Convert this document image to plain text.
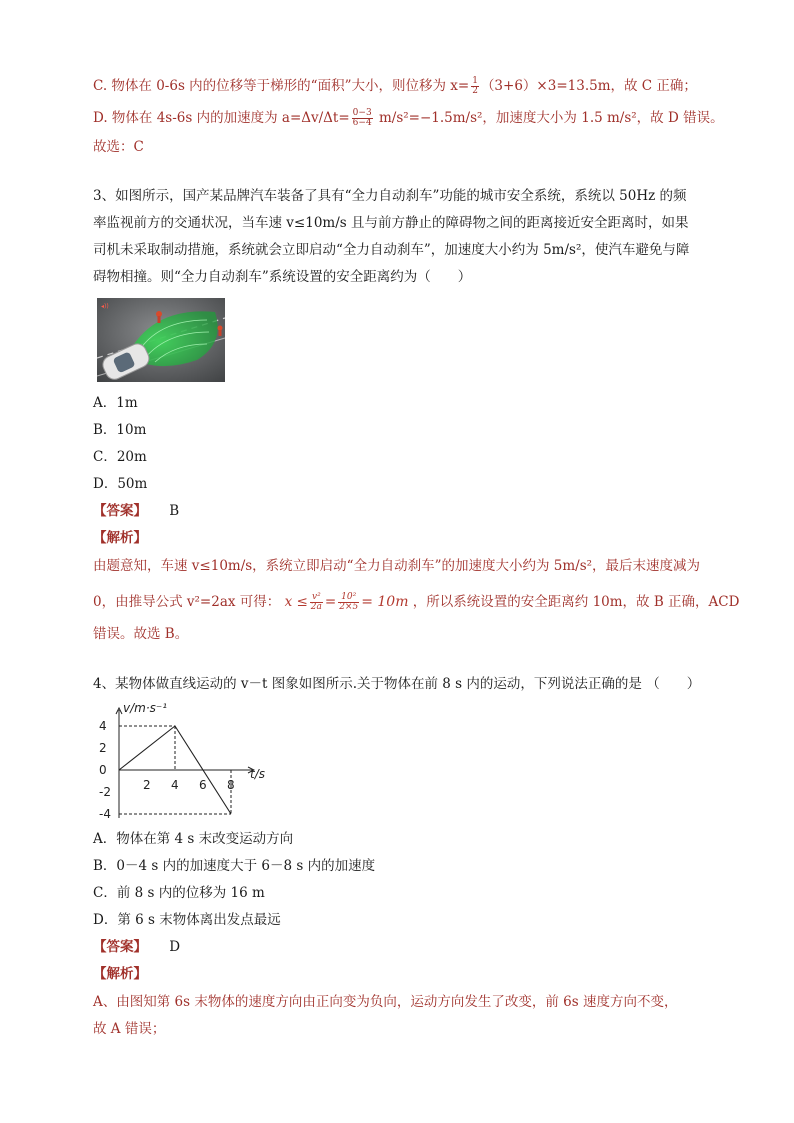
C. 物体在 0-6s 内的位移等于梯形的“面积”大小，则位移为 $x= \frac{1}{2} (3+6)\times 3=13.5m$，故 C 正确；
D. 物体在 4s-6s 内的加速度为 $a=\Delta v/\Delta t= \frac{0-3}{6-4} m/s^2=-1.5m/s^2$，加速度大小为 1.5 m/s²，故 D 错误。
故选：C
3、如图所示，国产某品牌汽车装备了具有“全力自动刹车”功能的城市安全系统，系统以 50Hz 的频
率监视前方的交通状况，当车速 v≤10m/s 且与前方静止的障碍物之间的距离接近安全距离时，如果
司机未采取制动措施，系统就会立即启动“全力自动刹车”，加速度大小约为 5m/s²，使汽车避免与障
碍物相撞。则“全力自动刹车”系统设置的安全距离约为（　　）
◂))
A．1m
B．10m
C．20m
D．50m
【答案】 B
【解析】
由题意知，车速 v≤10m/s，系统立即启动“全力自动刹车”的加速度大小约为 5m/s²，最后末速度减为
0，由推导公式 v²=2ax 可得： $x \le \frac{\text{v²}}{2a} = \frac{\text{10²}}{2\times 5} = 10m$ ，所以系统设置的安全距离约 10m，故 B 正确，ACD
错误。故选 B。
4、某物体做直线运动的 v－t 图象如图所示.关于物体在前 8 s 内的运动，下列说法正确的是 （　　）
4
2
0
-2
-4
2 4 6 8
v/m·s⁻¹
t/s
A．物体在第 4 s 末改变运动方向
B．0－4 s 内的加速度大于 6－8 s 内的加速度
C．前 8 s 内的位移为 16 m
D．第 6 s 末物体离出发点最远
【答案】 D
【解析】
A、由图知第 6s 末物体的速度方向由正向变为负向，运动方向发生了改变，前 6s 速度方向不变，
故 A 错误；
